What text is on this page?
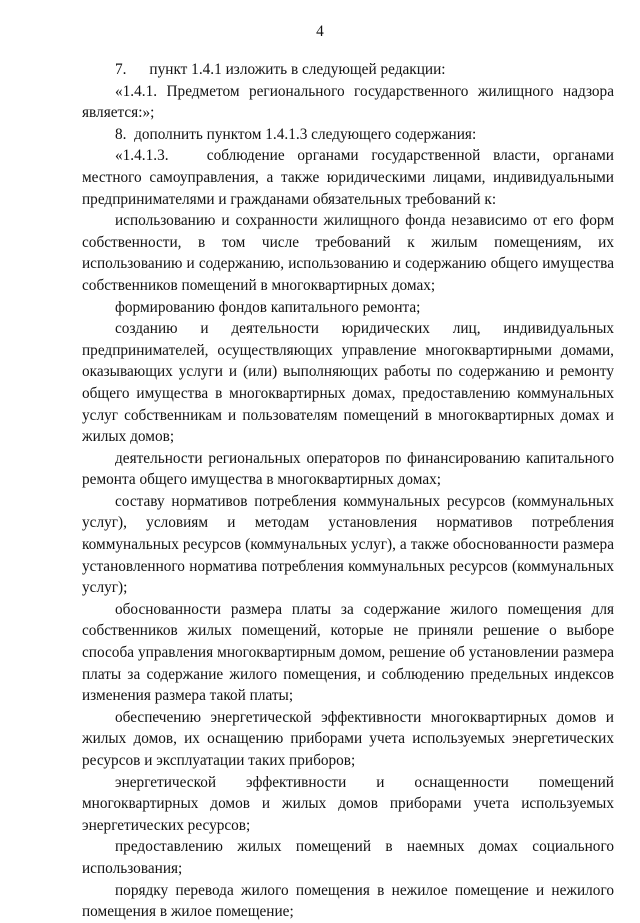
4

7.      пункт 1.4.1 изложить в следующей редакции:

«1.4.1. Предметом регионального государственного жилищного надзора является:»;

8.  дополнить пунктом 1.4.1.3 следующего содержания:

«1.4.1.3.   соблюдение органами государственной власти, органами местного самоуправления, а также юридическими лицами, индивидуальными предпринимателями и гражданами обязательных требований к:

использованию и сохранности жилищного фонда независимо от его форм собственности, в том числе требований к жилым помещениям, их использованию и содержанию, использованию и содержанию общего имущества собственников помещений в многоквартирных домах;

формированию фондов капитального ремонта;

созданию и деятельности юридических лиц, индивидуальных предпринимателей, осуществляющих управление многоквартирными домами, оказывающих услуги и (или) выполняющих работы по содержанию и ремонту общего имущества в многоквартирных домах, предоставлению коммунальных услуг собственникам и пользователям помещений в многоквартирных домах и жилых домов;

деятельности региональных операторов по финансированию капитального ремонта общего имущества в многоквартирных домах;

составу нормативов потребления коммунальных ресурсов (коммунальных услуг), условиям и методам установления нормативов потребления коммунальных ресурсов (коммунальных услуг), а также обоснованности размера установленного норматива потребления коммунальных ресурсов (коммунальных услуг);

обоснованности размера платы за содержание жилого помещения для собственников жилых помещений, которые не приняли решение о выборе способа управления многоквартирным домом, решение об установлении размера платы за содержание жилого помещения, и соблюдению предельных индексов изменения размера такой платы;

обеспечению энергетической эффективности многоквартирных домов и жилых домов, их оснащению приборами учета используемых энергетических ресурсов и эксплуатации таких приборов;

энергетической эффективности и оснащенности помещений многоквартирных домов и жилых домов приборами учета используемых энергетических ресурсов;

предоставлению жилых помещений в наемных домах социального использования;

порядку перевода жилого помещения в нежилое помещение и нежилого помещения в жилое помещение;
